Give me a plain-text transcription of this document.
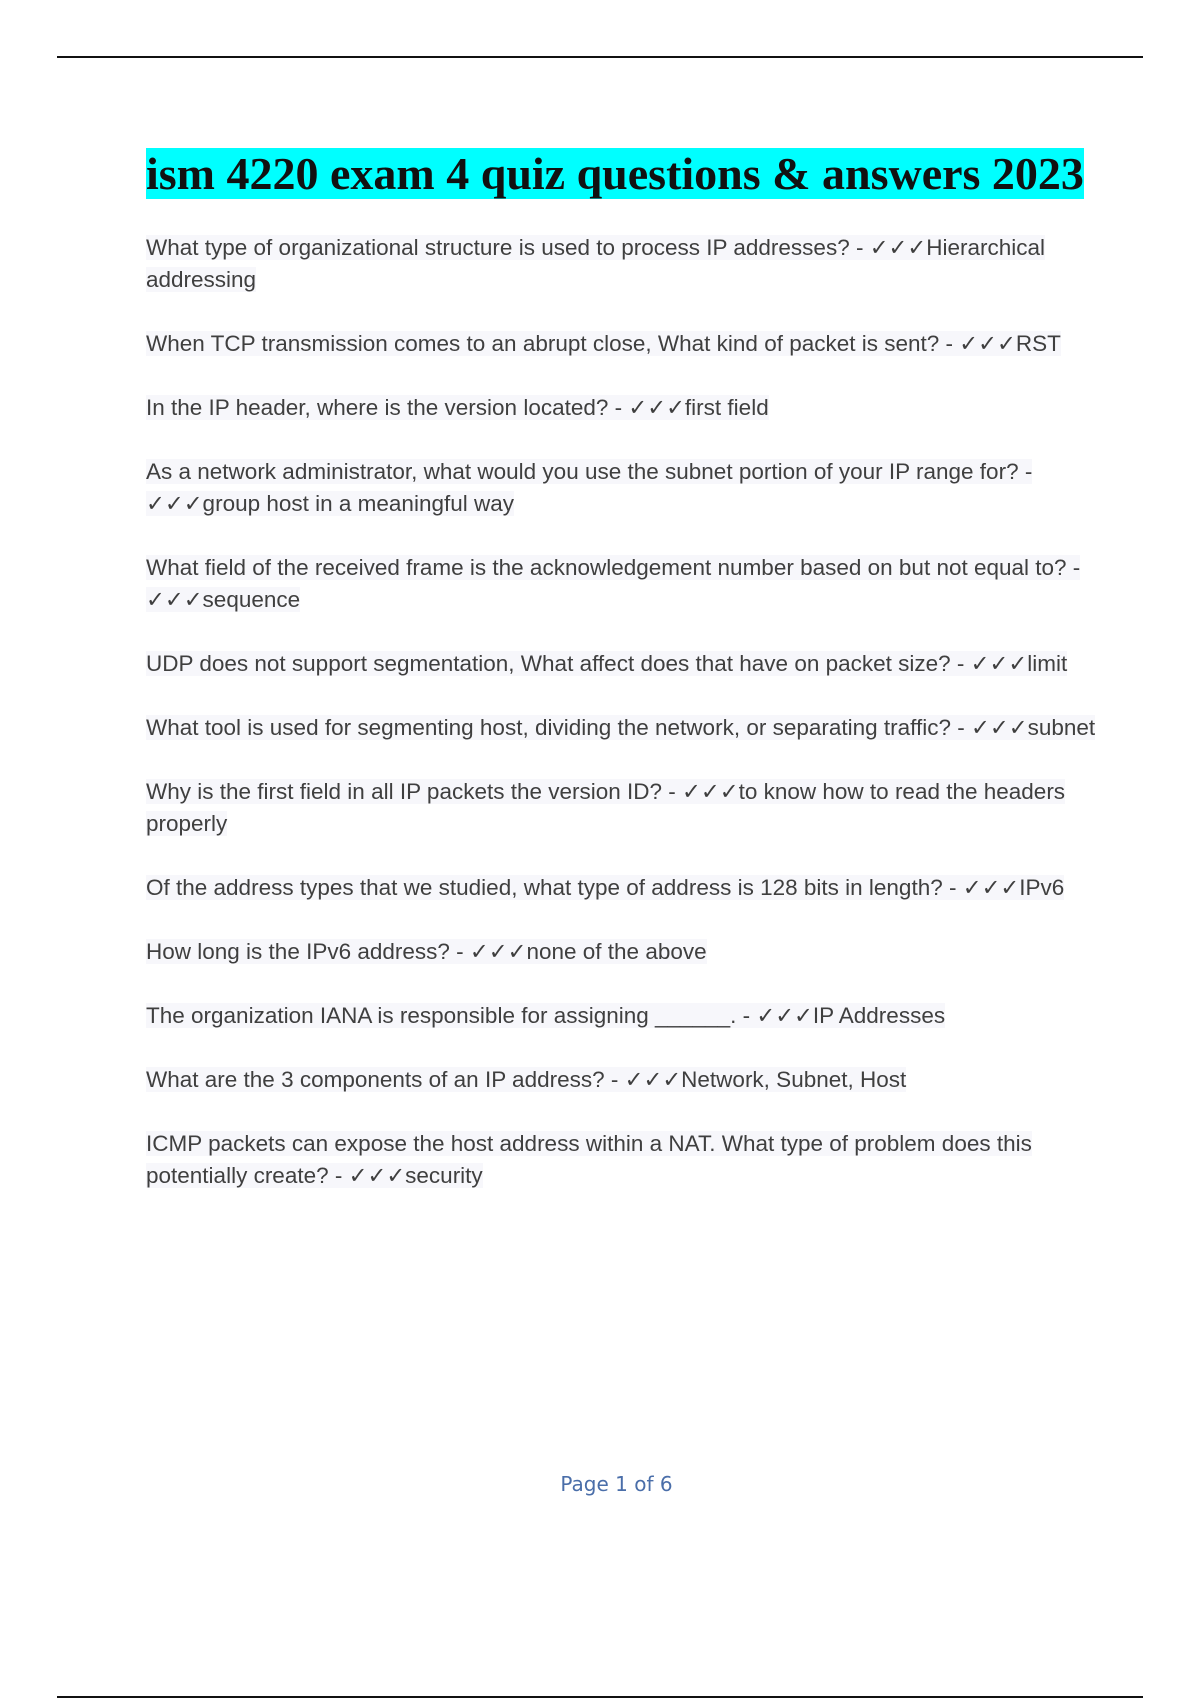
ism 4220 exam 4 quiz questions & answers 2023

What type of organizational structure is used to process IP addresses? - ✓✓✓Hierarchical addressing

When TCP transmission comes to an abrupt close, What kind of packet is sent? - ✓✓✓RST

In the IP header, where is the version located? - ✓✓✓first field

As a network administrator, what would you use the subnet portion of your IP range for? - ✓✓✓group host in a meaningful way

What field of the received frame is the acknowledgement number based on but not equal to? - ✓✓✓sequence

UDP does not support segmentation, What affect does that have on packet size? - ✓✓✓limit

What tool is used for segmenting host, dividing the network, or separating traffic? - ✓✓✓subnet

Why is the first field in all IP packets the version ID? - ✓✓✓to know how to read the headers properly

Of the address types that we studied, what type of address is 128 bits in length? - ✓✓✓IPv6

How long is the IPv6 address? - ✓✓✓none of the above

The organization IANA is responsible for assigning ______. - ✓✓✓IP Addresses

What are the 3 components of an IP address? - ✓✓✓Network, Subnet, Host

ICMP packets can expose the host address within a NAT. What type of problem does this potentially create? - ✓✓✓security

Page 1 of 6
